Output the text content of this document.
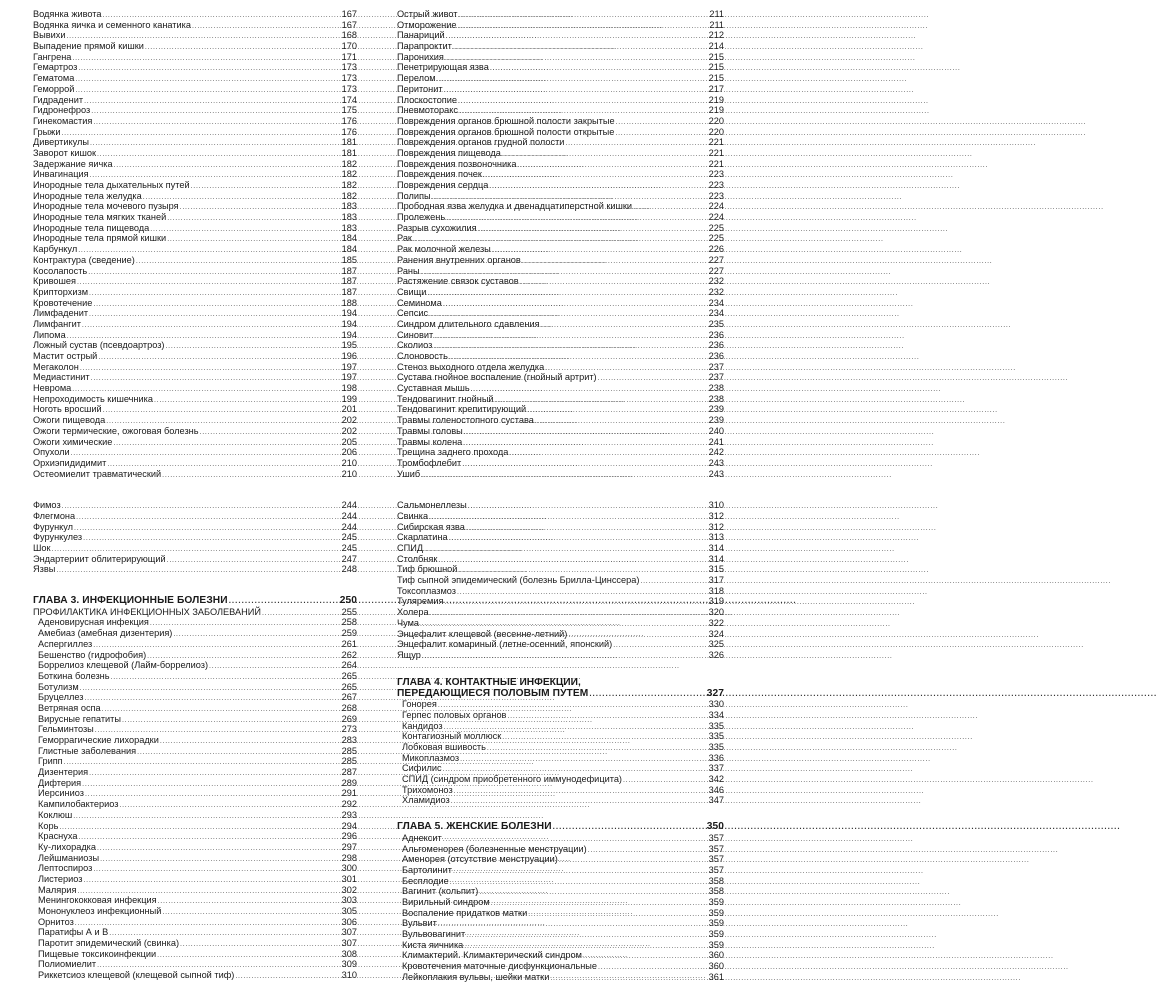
Водянка живота . . .	167
Водянка яичка и семенного канатика . . .	167
Вывихи . . .	168
Выпадение прямой кишки . . .	170
Гангрена . . .	171
Гемартроз . . .	173
Гематома . . .	173
Геморрой . . .	173
Гидраденит . . .	174
Гидронефроз . . .	175
Гинекомастия . . .	176
Грыжи . . .	176
Дивертикулы . . .	181
Заворот кишок . . .	181
Задержание яичка . . .	182
Инвагинация . . .	182
Инородные тела дыхательных путей . . .	182
Инородные тела желудка . . .	182
Инородные тела мочевого пузыря . . .	183
Инородные тела мягких тканей . . .	183
Инородные тела пищевода . . .	183
Инородные тела прямой кишки . . .	184
Карбункул . . .	184
Контрактура (сведение) . . .	185
Косолапость . . .	187
Кривошея . . .	187
Крипторхизм . . .	187
Кровотечение . . .	188
Лимфаденит . . .	194
Лимфангит . . .	194
Липома . . .	194
Ложный сустав (псевдоартроз) . . .	195
Мастит острый . . .	196
Мегаколон . . .	197
Медиастинит . . .	197
Неврома . . .	198
Непроходимость кишечника . . .	199
Ноготь вросший . . .	201
Ожоги пищевода . . .	202
Ожоги термические, ожоговая болезнь . . .	202
Ожоги химические . . .	205
Опухоли . . .	206
Орхиэпидидимит . . .	210
Остеомиелит травматический . . .	210
Фимоз . . .	244
Флегмона . . .	244
Фурункул . . .	244
Фурункулез . . .	245
Шок . . .	245
Эндартериит облитерирующий . . .	247
Язвы . . .	248
ГЛАВА 3. ИНФЕКЦИОННЫЕ БОЛЕЗНИ . . .	250
ПРОФИЛАКТИКА ИНФЕКЦИОННЫХ ЗАБОЛЕВАНИЙ . . .	255
Аденовирусная инфекция . . .	258
Амебиаз (амебная дизентерия) . . .	259
Аспергиллез . . .	261
Бешенство (гидрофобия) . . .	262
Боррелиоз клещевой (Лайм-боррелиоз) . . .	264
Боткина болезнь . . .	265
Ботулизм . . .	265
Бруцеллез . . .	267
Ветряная оспа . . .	268
Вирусные гепатиты . . .	269
Гельминтозы . . .	273
Геморрагические лихорадки . . .	283
Глистные заболевания . . .	285
Грипп . . .	285
Дизентерия . . .	287
Дифтерия . . .	289
Иерсиниоз . . .	291
Кампилобактериоз . . .	292
Коклюш . . .	293
Корь . . .	294
Краснуха . . .	296
Ку-лихорадка . . .	297
Лейшманиозы . . .	298
Лептоспироз . . .	300
Листериоз . . .	301
Малярия . . .	302
Менингококковая инфекция . . .	303
Мононуклеоз инфекционный . . .	305
Орнитоз . . .	306
Паратифы А и В . . .	307
Паротит эпидемический (свинка) . . .	307
Пищевые токсикоинфекции . . .	308
Полиомиелит . . .	309
Риккетсиоз клещевой (клещевой сыпной тиф) . . .	310
Острый живот . . .	211
Отморожение . . .	211
Панариций . . .	212
Парапроктит . . .	214
Паронихия . . .	215
Пенетрирующая язва . . .	215
Перелом . . .	215
Перитонит . . .	217
Плоскостопие . . .	219
Пневмоторакс . . .	219
Повреждения органов брюшной полости закрытые . . .	220
Повреждения органов брюшной полости открытые . . .	220
Повреждения органов грудной полости . . .	221
Повреждения пищевода . . .	221
Повреждения позвоночника . . .	221
Повреждения почек . . .	223
Повреждения сердца . . .	223
Полипы . . .	223
Прободная язва желудка и двенадцатиперстной кишки . . .	224
Пролежень . . .	224
Разрыв сухожилия . . .	225
Рак . . .	225
Рак молочной железы . . .	226
Ранения внутренних органов . . .	227
Раны . . .	227
Растяжение связок суставов . . .	232
Свищи . . .	232
Семинома . . .	234
Сепсис . . .	234
Синдром длительного сдавления . . .	235
Синовит . . .	236
Сколиоз . . .	236
Слоновость . . .	236
Стеноз выходного отдела желудка . . .	237
Сустава гнойное воспаление (гнойный артрит) . . .	237
Суставная мышь . . .	238
Тендовагинит гнойный . . .	238
Тендовагинит крепитирующий . . .	239
Травмы голеностопного сустава . . .	239
Травмы головы . . .	240
Травмы колена . . .	241
Трещина заднего прохода . . .	242
Тромбофлебит . . .	243
Ушиб . . .	243
Сальмонеллезы . . .	310
Свинка . . .	312
Сибирская язва . . .	312
Скарлатина . . .	313
СПИД . . .	314
Столбняк . . .	314
Тиф брюшной . . .	315
Тиф сыпной эпидемический (болезнь Брилла-Цинссера) . . .	317
Токсоплазмоз . . .	318
Туляремия . . .	319
Холера . . .	320
Чума . . .	322
Энцефалит клещевой (весенне-летний) . . .	324
Энцефалит комариный (летне-осенний, японский) . . .	325
Ящур . . .	326
ГЛАВА 4. КОНТАКТНЫЕ ИНФЕКЦИИ,
ПЕРЕДАЮЩИЕСЯ ПОЛОВЫМ ПУТЕМ . . .	327
Гонорея . . .	330
Герпес половых органов . . .	334
Кандидоз . . .	335
Контагиозный моллюск . . .	335
Лобковая вшивость . . .	335
Микоплазмоз . . .	336
Сифилис . . .	337
СПИД (синдром приобретенного иммунодефицита) . . .	342
Трихомоноз . . .	346
Хламидиоз . . .	347
ГЛАВА 5. ЖЕНСКИЕ БОЛЕЗНИ . . .	350
Аднексит . . .	357
Альгоменорея (болезненные менструации) . . .	357
Аменорея (отсутствие менструации) . . .	357
Бартолинит . . .	357
Бесплодие . . .	358
Вагинит (кольпит) . . .	358
Вирильный синдром . . .	359
Воспаление придатков матки . . .	359
Вульвит . . .	359
Вульвовагинит . . .	359
Киста яичника . . .	359
Климактерий. Климактерический синдром . . .	360
Кровотечения маточные дисфункциональные . . .	360
Лейкоплакия вульвы, шейки матки . . .	361
